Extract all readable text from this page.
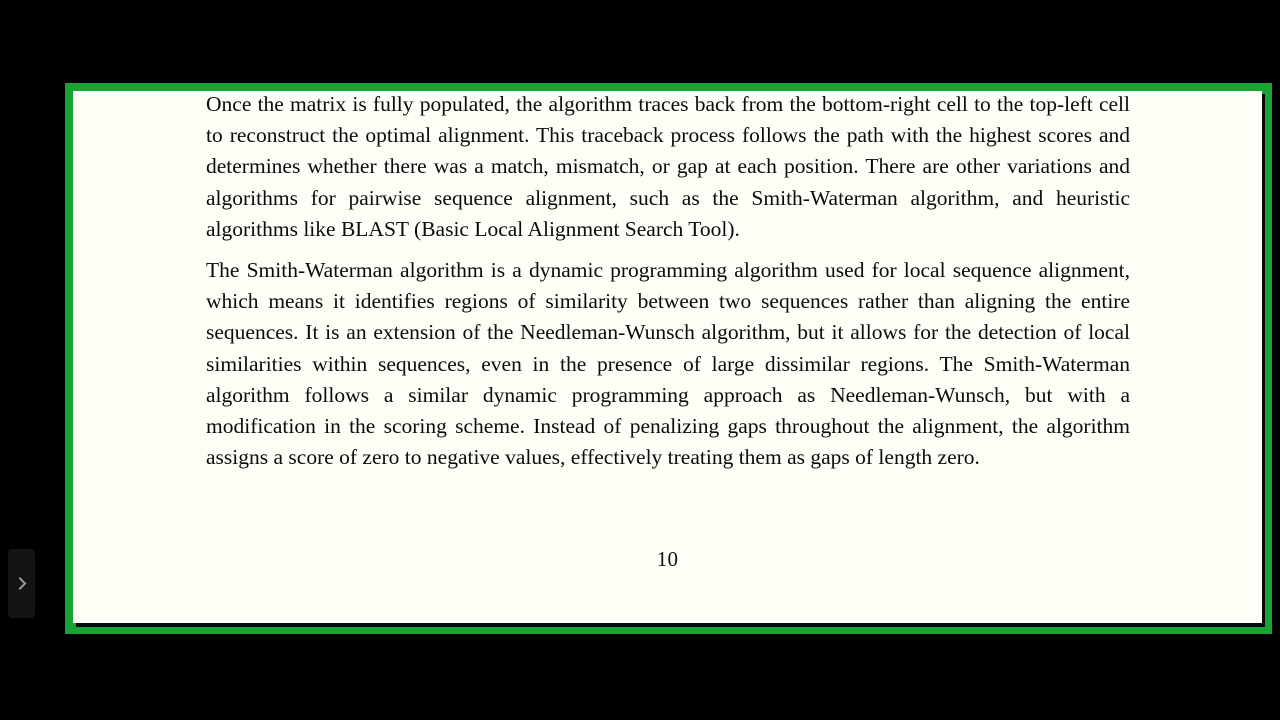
Once the matrix is fully populated, the algorithm traces back from the bottom-right cell to the top-left cell to reconstruct the optimal alignment. This traceback process follows the path with the highest scores and determines whether there was a match, mismatch, or gap at each position. There are other variations and algorithms for pairwise sequence alignment, such as the Smith-Waterman algorithm, and heuristic algorithms like BLAST (Basic Local Alignment Search Tool).

The Smith-Waterman algorithm is a dynamic programming algorithm used for local sequence alignment, which means it identifies regions of similarity between two sequences rather than aligning the entire sequences. It is an extension of the Needleman-Wunsch algorithm, but it allows for the detection of local similarities within sequences, even in the presence of large dissimilar regions. The Smith-Waterman algorithm follows a similar dynamic programming approach as Needleman-Wunsch, but with a modification in the scoring scheme. Instead of penalizing gaps throughout the alignment, the algorithm assigns a score of zero to negative values, effectively treating them as gaps of length zero.

10
